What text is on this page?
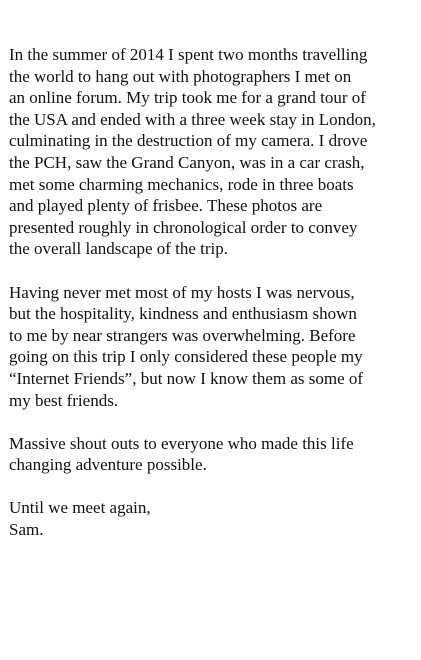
In the summer of 2014 I spent two months travelling
the world to hang out with photographers I met on
an online forum. My trip took me for a grand tour of
the USA and ended with a three week stay in London,
culminating in the destruction of my camera. I drove
the PCH, saw the Grand Canyon, was in a car crash,
met some charming mechanics, rode in three boats
and played plenty of frisbee. These photos are
presented roughly in chronological order to convey
the overall landscape of the trip.

Having never met most of my hosts I was nervous,
but the hospitality, kindness and enthusiasm shown
to me by near strangers was overwhelming. Before
going on this trip I only considered these people my
“Internet Friends”, but now I know them as some of
my best friends.

Massive shout outs to everyone who made this life
changing adventure possible.

Until we meet again,
Sam.
